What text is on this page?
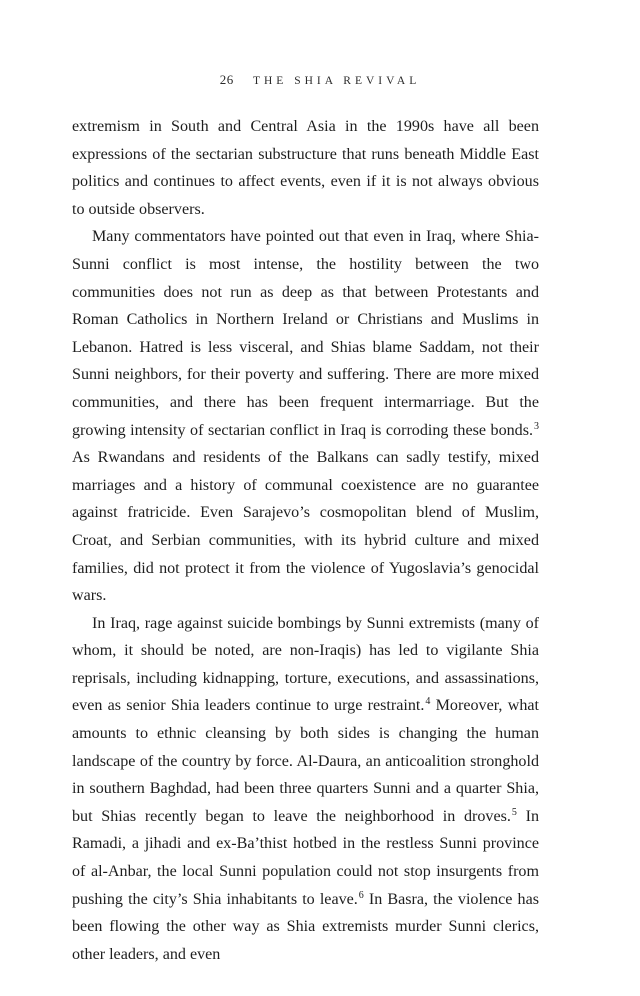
26 THE SHIA REVIVAL

extremism in South and Central Asia in the 1990s have all been expressions of the sectarian substructure that runs beneath Middle East politics and continues to affect events, even if it is not always obvious to outside observers.

Many commentators have pointed out that even in Iraq, where Shia-Sunni conflict is most intense, the hostility between the two communities does not run as deep as that between Protestants and Roman Catholics in Northern Ireland or Christians and Muslims in Lebanon. Hatred is less visceral, and Shias blame Saddam, not their Sunni neighbors, for their poverty and suffering. There are more mixed communities, and there has been frequent intermarriage. But the growing intensity of sectarian conflict in Iraq is corroding these bonds.$^3$ As Rwandans and residents of the Balkans can sadly testify, mixed marriages and a history of communal coexistence are no guarantee against fratricide. Even Sarajevo’s cosmopolitan blend of Muslim, Croat, and Serbian communities, with its hybrid culture and mixed families, did not protect it from the violence of Yugoslavia’s genocidal wars.

In Iraq, rage against suicide bombings by Sunni extremists (many of whom, it should be noted, are non-Iraqis) has led to vigilante Shia reprisals, including kidnapping, torture, executions, and assassinations, even as senior Shia leaders continue to urge restraint.$^4$ Moreover, what amounts to ethnic cleansing by both sides is changing the human landscape of the country by force. Al-Daura, an anticoalition stronghold in southern Baghdad, had been three quarters Sunni and a quarter Shia, but Shias recently began to leave the neighborhood in droves.$^5$ In Ramadi, a jihadi and ex-Ba’thist hotbed in the restless Sunni province of al-Anbar, the local Sunni population could not stop insurgents from pushing the city’s Shia inhabitants to leave.$^6$ In Basra, the violence has been flowing the other way as Shia extremists murder Sunni clerics, other leaders, and even
